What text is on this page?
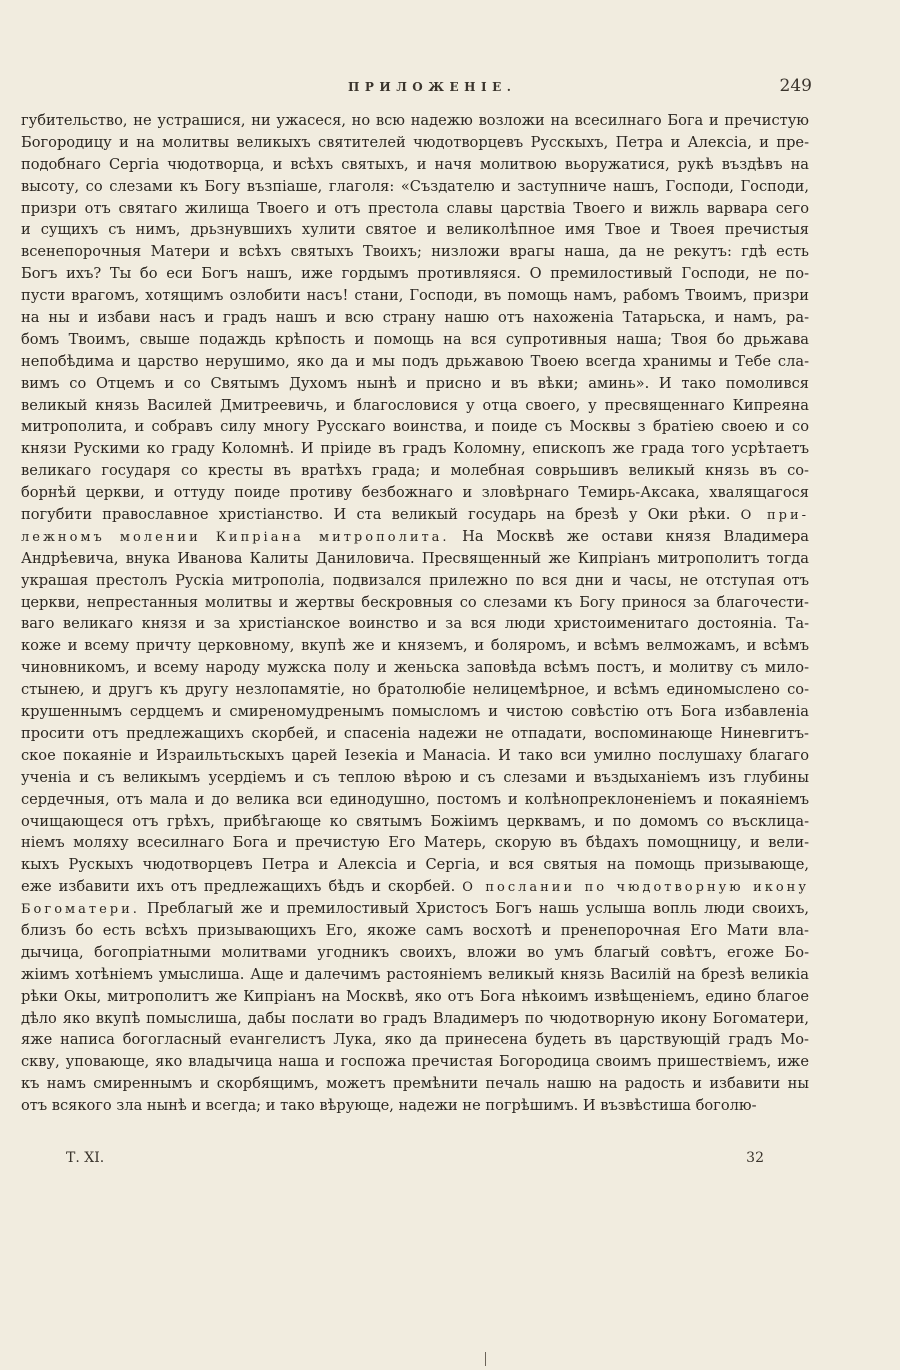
ПРИЛОЖЕНІЕ.	249
губительство, не устрашися, ни ужасеся, но всю надежю возложи на всесилнаго Бога и пречистую
Богородицу и на молитвы великыхъ святителей чюдотворцевъ Русскыхъ, Петра и Алексіа, и пре-
подобнаго Сергіа чюдотворца, и всѣхъ святыхъ, и начя молитвою вьоружатися, рукѣ въздѣвъ на
высоту, со слезами къ Богу възпіаше, глаголя: «Създателю и заступниче нашъ, Господи, Господи,
призри отъ святаго жилища Твоего и отъ престола славы царствіа Твоего и вижль варвара сего
и сущихъ съ нимъ, дрьзнувшихъ хулити святое и великолѣпное имя Твое и Твоея пречистыя
всенепорочныя Матери и всѣхъ святыхъ Твоихъ; низложи врагы наша, да не рекутъ: гдѣ есть
Богъ ихъ? Ты бо еси Богъ нашъ, иже гордымъ противляяся. О премилостивый Господи, не по-
пусти врагомъ, хотящимъ озлобити насъ! стани, Господи, въ помощь намъ, рабомъ Твоимъ, призри
на ны и избави насъ и градъ нашъ и всю страну нашю отъ нахоженіа Татарьска, и намъ, ра-
бомъ Твоимъ, свыше подаждь крѣпость и помощь на вся супротивныя наша; Твоя бо дрьжава
непобѣдима и царство нерушимо, яко да и мы подъ дрьжавою Твоею всегда хранимы и Тебе сла-
вимъ со Отцемъ и со Святымъ Духомъ нынѣ и присно и въ вѣки; аминь». И тако помолився
великый князь Василей Дмитреевичь, и благословися у отца своего, у пресвященнаго Кипреяна
митрополита, и собравъ силу многу Русскаго воинства, и поиде съ Москвы з братіею своею и со
князи Рускими ко граду Коломнѣ. И пріиде въ градъ Коломну, епископъ же града того усрѣтаетъ
великаго государя со кресты въ вратѣхъ града; и молебная соврьшивъ великый князь въ со-
борнѣй церкви, и оттуду поиде противу безбожнаго и зловѣрнаго Темирь-Аксака, хвалящагося
погубити православное христіанство. И ста великый государь на брезѣ у Оки рѣки. О при-
лежномъ молении Кипріана митрополита. На Москвѣ же остави князя Владимера
Андрѣевича, внука Иванова Калиты Даниловича. Пресвященный же Кипріанъ митрополитъ тогда
украшая престолъ Рускіа митрополіа, подвизался прилежно по вся дни и часы, не отступая отъ
церкви, непрестанныя молитвы и жертвы бескровныя со слезами къ Богу принося за благочести-
ваго великаго князя и за христіанское воинство и за вся люди христоименитаго достояніа. Та-
коже и всему причту церковному, вкупѣ же и княземъ, и боляромъ, и всѣмъ велможамъ, и всѣмъ
чиновникомъ, и всему народу мужска полу и женьска заповѣда всѣмъ постъ, и молитву съ мило-
стынею, и другъ къ другу незлопамятіе, но братолюбіе нелицемѣрное, и всѣмъ единомыслено со-
крушеннымъ сердцемъ и смиреномудренымъ помысломъ и чистою совѣстію отъ Бога избавленіа
просити отъ предлежащихъ скорбей, и спасеніа надежи не отпадати, воспоминающе Ниневгитъ-
ское покаяніе и Израильтьскыхъ царей Іезекіа и Манасіа. И тако вси умилно послушаху благаго
ученіа и съ великымъ усердіемъ и съ теплою вѣрою и съ слезами и въздыханіемъ изъ глубины
сердечныя, отъ мала и до велика вси единодушно, постомъ и колѣнопреклоненіемъ и покаяніемъ
очищающеся отъ грѣхъ, прибѣгающе ко святымъ Божіимъ церквамъ, и по домомъ со въсклица-
ніемъ моляху всесилнаго Бога и пречистую Его Матерь, скорую въ бѣдахъ помощницу, и вели-
кыхъ Рускыхъ чюдотворцевъ Петра и Алексіа и Сергіа, и вся святыя на помощь призывающе,
еже избавити ихъ отъ предлежащихъ бѣдъ и скорбей. О послании по чюдотворную икону
Богоматери. Преблагый же и премилостивый Христосъ Богъ нашь услыша вопль люди своихъ,
близъ бо есть всѣхъ призывающихъ Его, якоже самъ восхотѣ и пренепорочная Его Мати вла-
дычица, богопріатными молитвами угодникъ своихъ, вложи во умъ благый совѣтъ, егоже Бо-
жіимъ хотѣніемъ умыслиша. Аще и далечимъ растояніемъ великый князь Василій на брезѣ великіа
рѣки Окы, митрополитъ же Кипріанъ на Москвѣ, яко отъ Бога нѣкоимъ извѣщеніемъ, едино благое
дѣло яко вкупѣ помыслиша, дабы послати во градъ Владимеръ по чюдотворную икону Богоматери,
яже написа богогласный еvангелистъ Лука, яко да принесена будеть въ царствующій градъ Мо-
скву, уповающе, яко владычица наша и госпожа пречистая Богородица своимъ пришествіемъ, иже
къ намъ смиреннымъ и скорбящимъ, можетъ премѣнити печаль нашю на радость и избавити ны
отъ всякого зла нынѣ и всегда; и тако вѣрующе, надежи не погрѣшимъ. И възвѣстиша боголю-
Т. XI.	32
